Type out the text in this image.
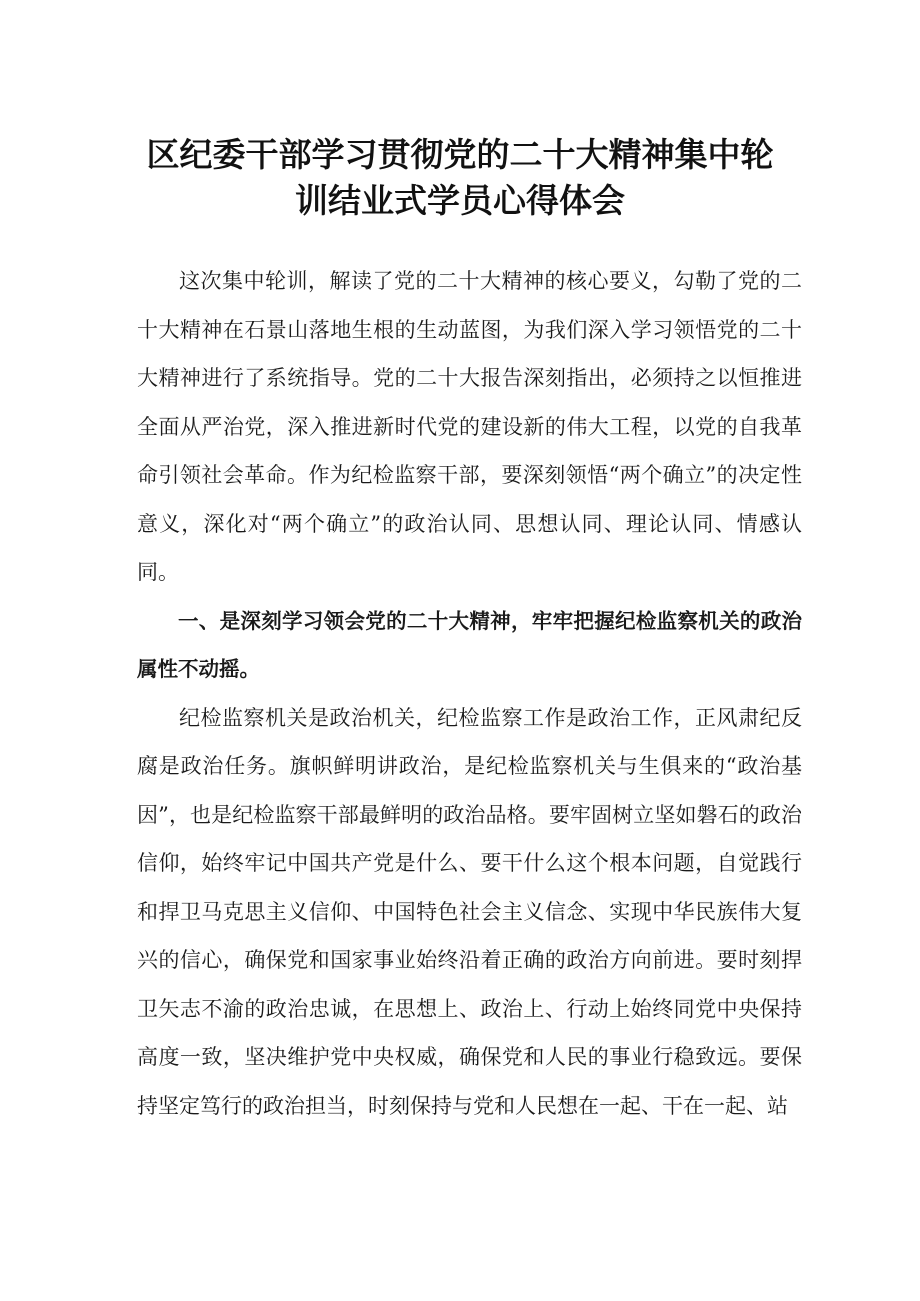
区纪委干部学习贯彻党的二十大精神集中轮
训结业式学员心得体会

这次集中轮训，解读了党的二十大精神的核心要义，勾勒了党的二十大精神在石景山落地生根的生动蓝图，为我们深入学习领悟党的二十大精神进行了系统指导。党的二十大报告深刻指出，必须持之以恒推进全面从严治党，深入推进新时代党的建设新的伟大工程，以党的自我革命引领社会革命。作为纪检监察干部，要深刻领悟“两个确立”的决定性意义，深化对“两个确立”的政治认同、思想认同、理论认同、情感认同。

一、是深刻学习领会党的二十大精神，牢牢把握纪检监察机关的政治属性不动摇。

纪检监察机关是政治机关，纪检监察工作是政治工作，正风肃纪反腐是政治任务。旗帜鲜明讲政治，是纪检监察机关与生俱来的“政治基因”，也是纪检监察干部最鲜明的政治品格。要牢固树立坚如磐石的政治信仰，始终牢记中国共产党是什么、要干什么这个根本问题，自觉践行和捍卫马克思主义信仰、中国特色社会主义信念、实现中华民族伟大复兴的信心，确保党和国家事业始终沿着正确的政治方向前进。要时刻捍卫矢志不渝的政治忠诚，在思想上、政治上、行动上始终同党中央保持高度一致，坚决维护党中央权威，确保党和人民的事业行稳致远。要保持坚定笃行的政治担当，时刻保持与党和人民想在一起、干在一起、站
